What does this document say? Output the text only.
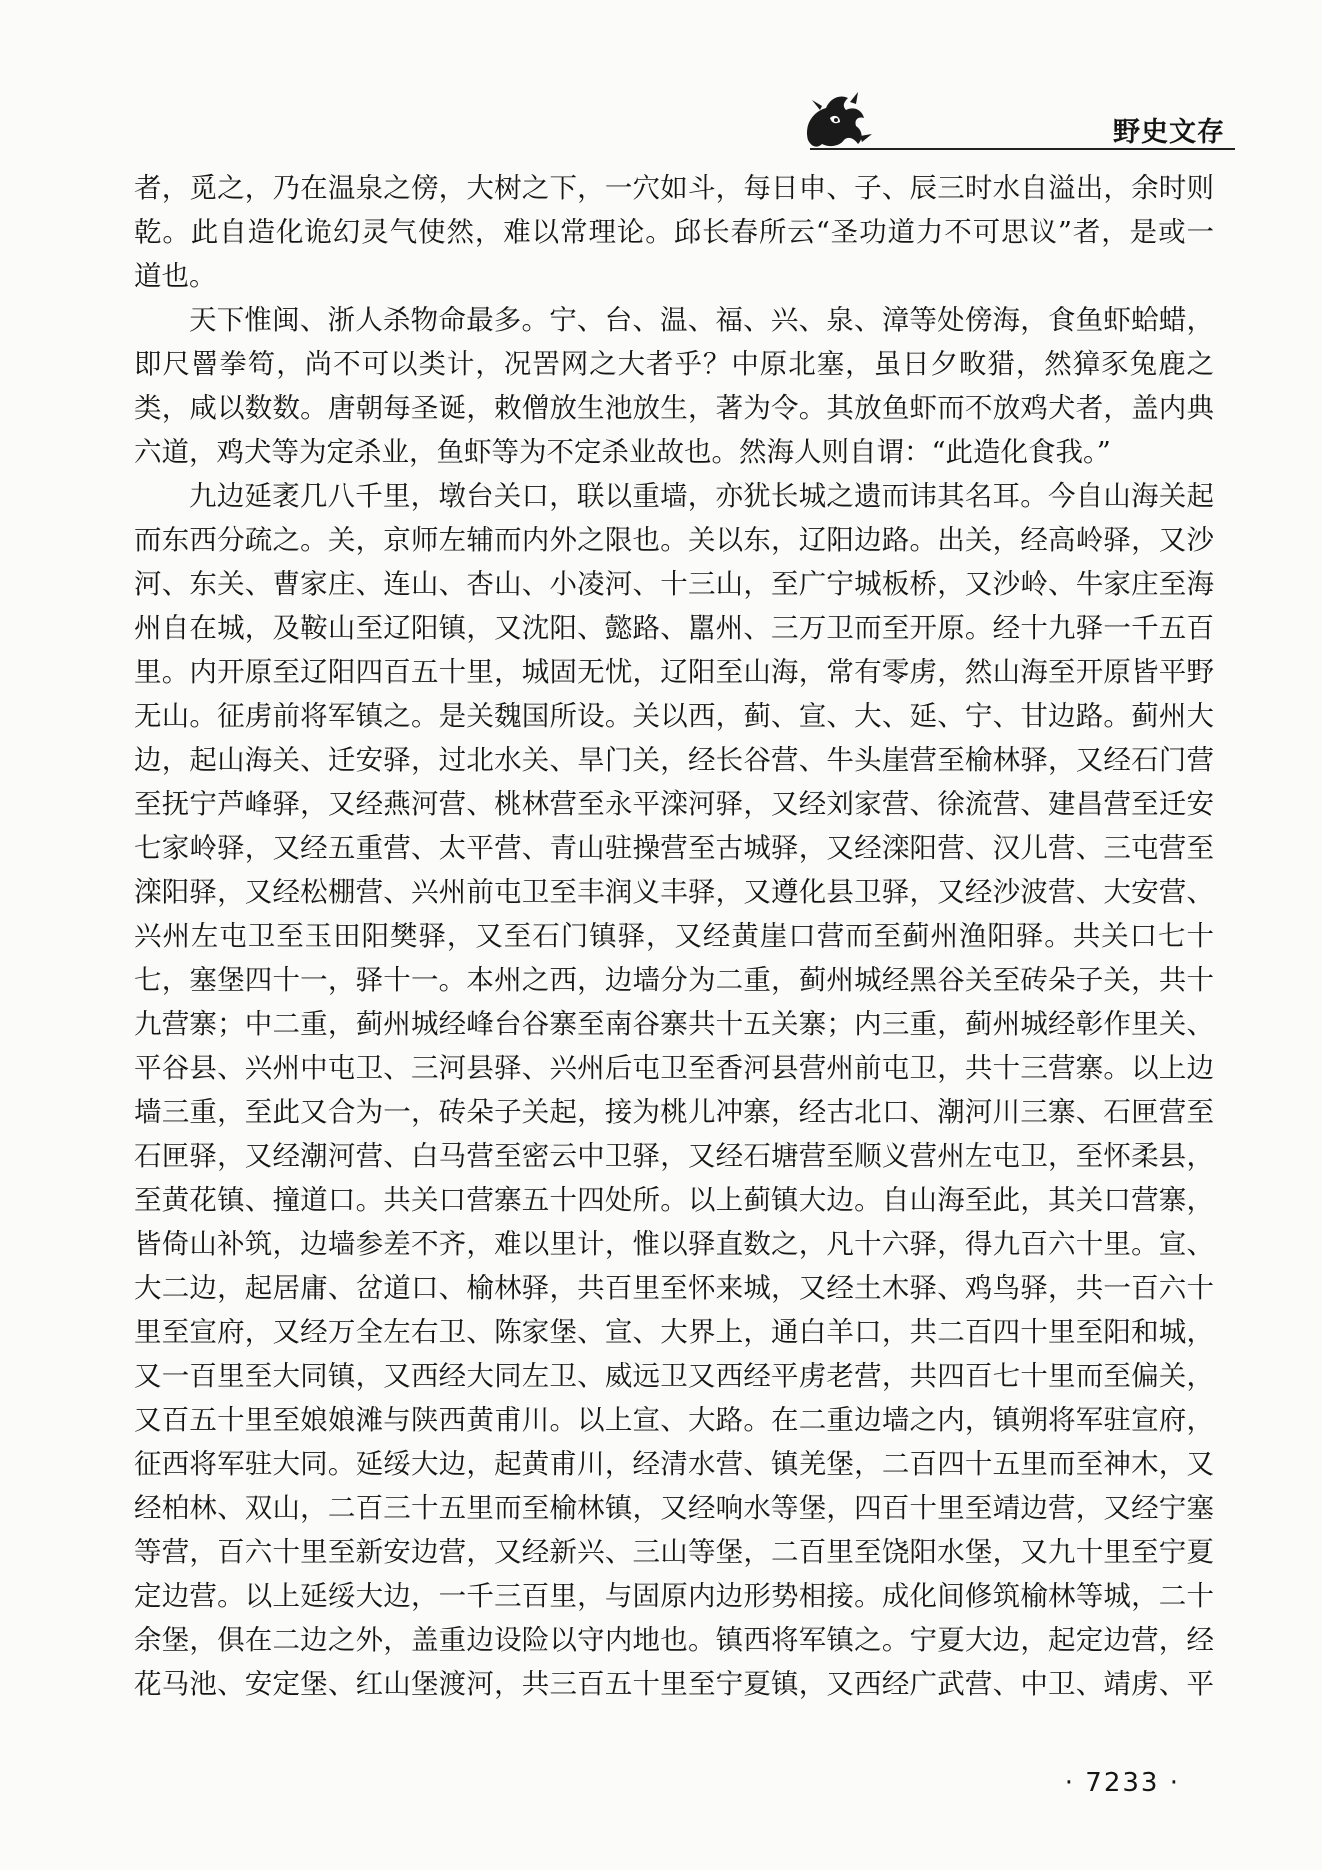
野史文存
者，觅之，乃在温泉之傍，大树之下，一穴如斗，每日申、子、辰三时水自溢出，余时则
乾。此自造化诡幻灵气使然，难以常理论。邱长春所云“圣功道力不可思议”者，是或一
道也。
天下惟闽、浙人杀物命最多。宁、台、温、福、兴、泉、漳等处傍海，食鱼虾蛤蜡，
即尺罾拳笱，尚不可以类计，况罟网之大者乎？中原北塞，虽日夕畋猎，然獐豕兔鹿之
类，咸以数数。唐朝每圣诞，敕僧放生池放生，著为令。其放鱼虾而不放鸡犬者，盖内典
六道，鸡犬等为定杀业，鱼虾等为不定杀业故也。然海人则自谓：“此造化食我。”
九边延袤几八千里，墩台关口，联以重墙，亦犹长城之遗而讳其名耳。今自山海关起
而东西分疏之。关，京师左辅而内外之限也。关以东，辽阳边路。出关，经高岭驿，又沙
河、东关、曹家庄、连山、杏山、小凌河、十三山，至广宁城板桥，又沙岭、牛家庄至海
州自在城，及鞍山至辽阳镇，又沈阳、懿路、嚚州、三万卫而至开原。经十九驿一千五百
里。内开原至辽阳四百五十里，城固无忧，辽阳至山海，常有零虏，然山海至开原皆平野
无山。征虏前将军镇之。是关魏国所设。关以西，蓟、宣、大、延、宁、甘边路。蓟州大
边，起山海关、迁安驿，过北水关、旱门关，经长谷营、牛头崖营至榆林驿，又经石门营
至抚宁芦峰驿，又经燕河营、桃林营至永平滦河驿，又经刘家营、徐流营、建昌营至迁安
七家岭驿，又经五重营、太平营、青山驻操营至古城驿，又经滦阳营、汉儿营、三屯营至
滦阳驿，又经松棚营、兴州前屯卫至丰润义丰驿，又遵化县卫驿，又经沙波营、大安营、
兴州左屯卫至玉田阳樊驿，又至石门镇驿，又经黄崖口营而至蓟州渔阳驿。共关口七十
七，塞堡四十一，驿十一。本州之西，边墙分为二重，蓟州城经黑谷关至砖朵子关，共十
九营寨；中二重，蓟州城经峰台谷寨至南谷寨共十五关寨；内三重，蓟州城经彰作里关、
平谷县、兴州中屯卫、三河县驿、兴州后屯卫至香河县营州前屯卫，共十三营寨。以上边
墙三重，至此又合为一，砖朵子关起，接为桃儿冲寨，经古北口、潮河川三寨、石匣营至
石匣驿，又经潮河营、白马营至密云中卫驿，又经石塘营至顺义营州左屯卫，至怀柔县，
至黄花镇、撞道口。共关口营寨五十四处所。以上蓟镇大边。自山海至此，其关口营寨，
皆倚山补筑，边墙参差不齐，难以里计，惟以驿直数之，凡十六驿，得九百六十里。宣、
大二边，起居庸、岔道口、榆林驿，共百里至怀来城，又经土木驿、鸡鸟驿，共一百六十
里至宣府，又经万全左右卫、陈家堡、宣、大界上，通白羊口，共二百四十里至阳和城，
又一百里至大同镇，又西经大同左卫、威远卫又西经平虏老营，共四百七十里而至偏关，
又百五十里至娘娘滩与陕西黄甫川。以上宣、大路。在二重边墙之内，镇朔将军驻宣府，
征西将军驻大同。延绥大边，起黄甫川，经清水营、镇羌堡，二百四十五里而至神木，又
经柏林、双山，二百三十五里而至榆林镇，又经响水等堡，四百十里至靖边营，又经宁塞
等营，百六十里至新安边营，又经新兴、三山等堡，二百里至饶阳水堡，又九十里至宁夏
定边营。以上延绥大边，一千三百里，与固原内边形势相接。成化间修筑榆林等城，二十
余堡，俱在二边之外，盖重边设险以守内地也。镇西将军镇之。宁夏大边，起定边营，经
花马池、安定堡、红山堡渡河，共三百五十里至宁夏镇，又西经广武营、中卫、靖虏、平
· 7233 ·
